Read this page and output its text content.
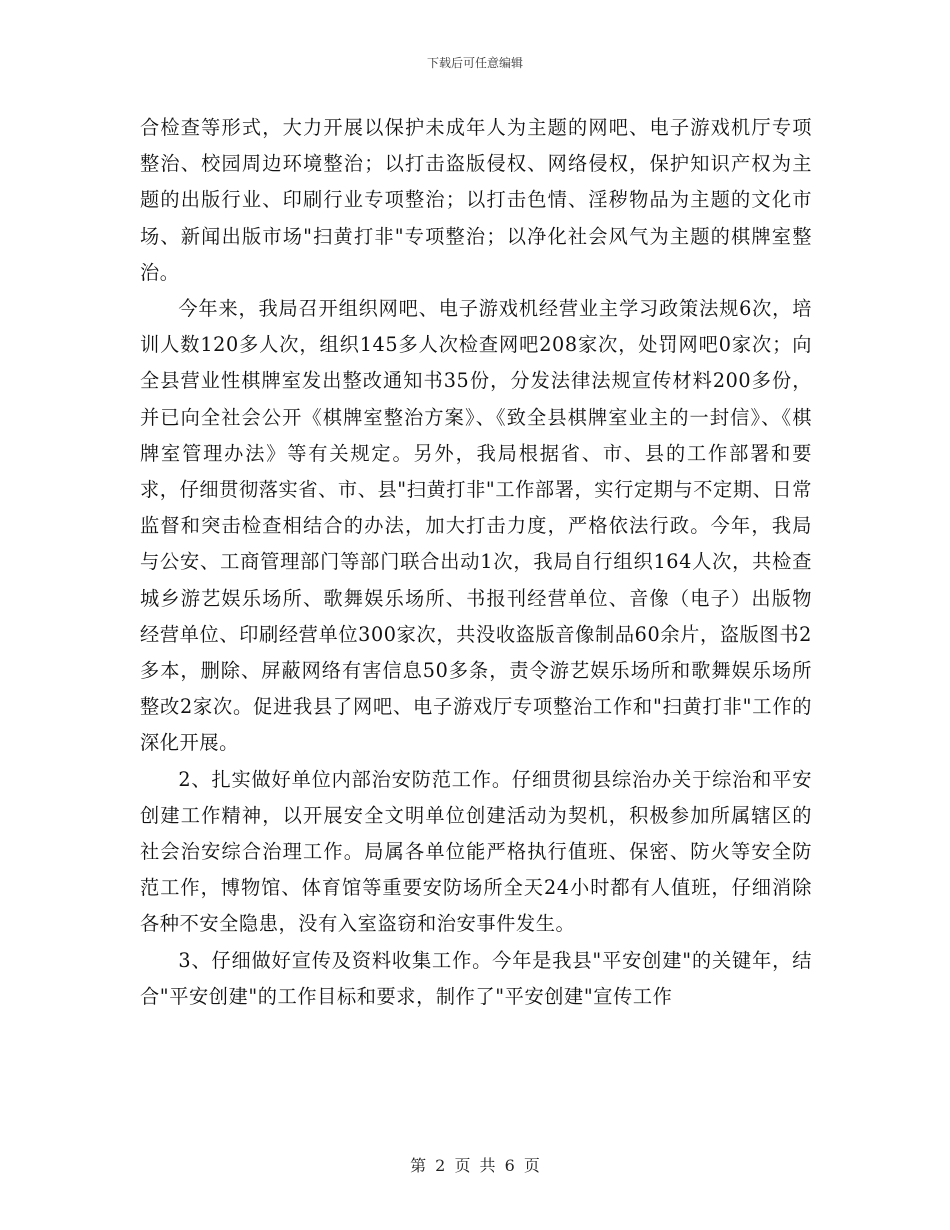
下载后可任意编辑

合检查等形式，大力开展以保护未成年人为主题的网吧、电子游戏机厅专项整治、校园周边环境整治；以打击盗版侵权、网络侵权，保护知识产权为主题的出版行业、印刷行业专项整治；以打击色情、淫秽物品为主题的文化市场、新闻出版市场"扫黄打非"专项整治；以净化社会风气为主题的棋牌室整治。

今年来，我局召开组织网吧、电子游戏机经营业主学习政策法规6次，培训人数120多人次，组织145多人次检查网吧208家次，处罚网吧0家次；向全县营业性棋牌室发出整改通知书35份，分发法律法规宣传材料200多份，并已向全社会公开《棋牌室整治方案》、《致全县棋牌室业主的一封信》、《棋牌室管理办法》等有关规定。另外，我局根据省、市、县的工作部署和要求，仔细贯彻落实省、市、县"扫黄打非"工作部署，实行定期与不定期、日常监督和突击检查相结合的办法，加大打击力度，严格依法行政。今年，我局与公安、工商管理部门等部门联合出动1次，我局自行组织164人次，共检查城乡游艺娱乐场所、歌舞娱乐场所、书报刊经营单位、音像（电子）出版物经营单位、印刷经营单位300家次，共没收盗版音像制品60余片，盗版图书2多本，删除、屏蔽网络有害信息50多条，责令游艺娱乐场所和歌舞娱乐场所整改2家次。促进我县了网吧、电子游戏厅专项整治工作和"扫黄打非"工作的深化开展。

2、扎实做好单位内部治安防范工作。仔细贯彻县综治办关于综治和平安创建工作精神，以开展安全文明单位创建活动为契机，积极参加所属辖区的社会治安综合治理工作。局属各单位能严格执行值班、保密、防火等安全防范工作，博物馆、体育馆等重要安防场所全天24小时都有人值班，仔细消除各种不安全隐患，没有入室盗窃和治安事件发生。

3、仔细做好宣传及资料收集工作。今年是我县"平安创建"的关键年，结合"平安创建"的工作目标和要求，制作了"平安创建"宣传工作

第 2 页 共 6 页
